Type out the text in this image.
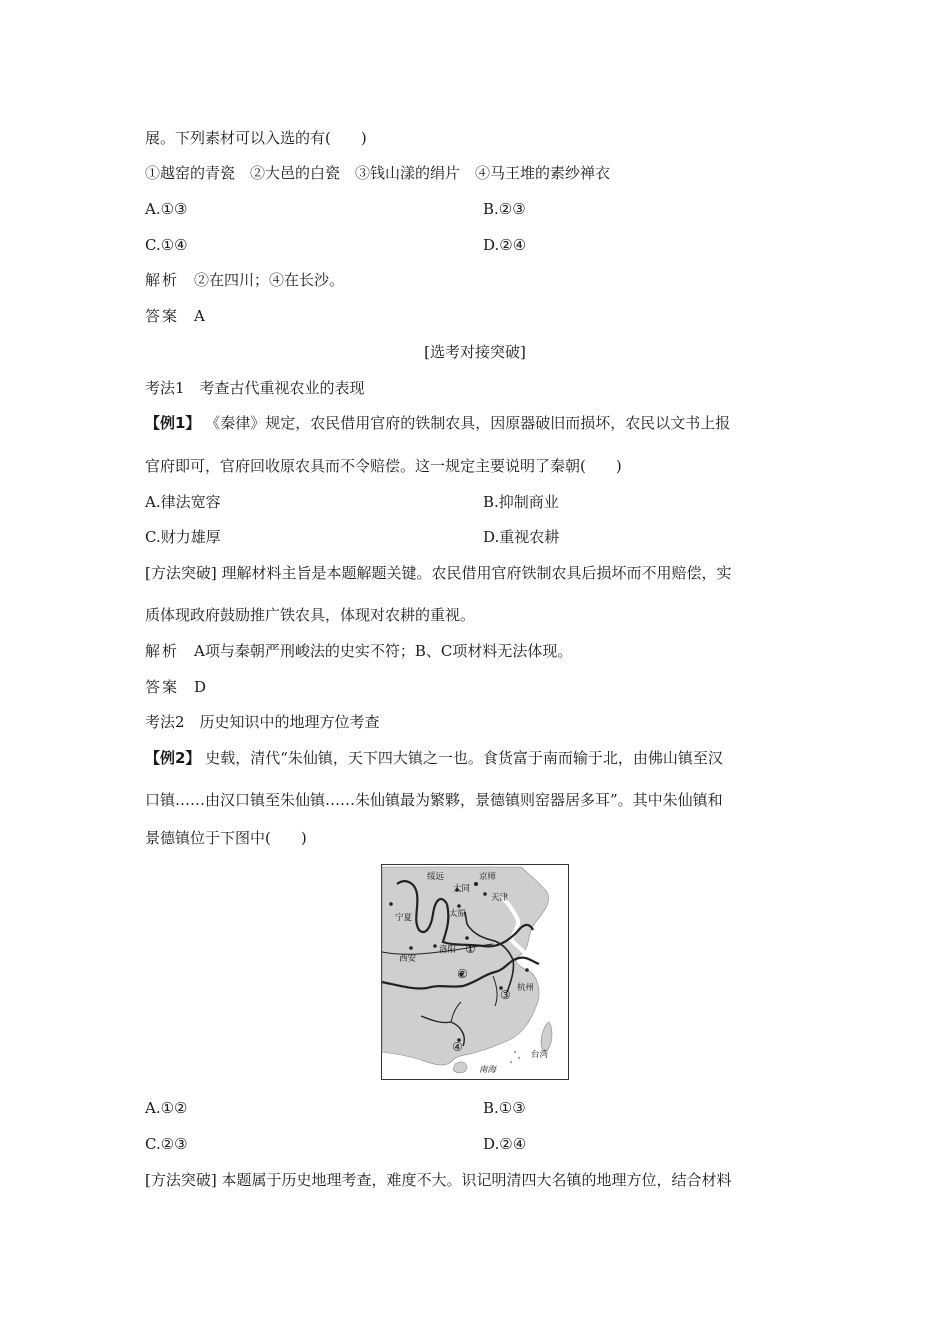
展。下列素材可以入选的有(　　)
①越窑的青瓷　②大邑的白瓷　③钱山漾的绢片　④马王堆的素纱禅衣
A.①③	B.②③
C.①④	D.②④
解析　 ②在四川；④在长沙。
答案　 A
[选考对接突破]
考法1　考查古代重视农业的表现
【例1】 《秦律》规定，农民借用官府的铁制农具，因原器破旧而损坏，农民以文书上报
官府即可，官府回收原农具而不令赔偿。这一规定主要说明了秦朝(　　)
A.律法宽容	B.抑制商业
C.财力雄厚	D.重视农耕
[方法突破] 理解材料主旨是本题解题关键。农民借用官府铁制农具后损坏而不用赔偿，实
质体现政府鼓励推广铁农具，体现对农耕的重视。
解析　 A项与秦朝严刑峻法的史实不符；B、C项材料无法体现。
答案　 D
考法2　历史知识中的地理方位考查
【例2】 史载，清代“朱仙镇，天下四大镇之一也。食货富于南而输于北，由佛山镇至汉
口镇……由汉口镇至朱仙镇……朱仙镇最为繁夥，景德镇则窑器居多耳”。其中朱仙镇和
景德镇位于下图中(　　)
绥远	京师
大同
天津
宁夏	太原
洛阳
西安
杭州
台湾
南海
①
②
③
④
A.①②	B.①③
C.②③	D.②④
[方法突破] 本题属于历史地理考查，难度不大。识记明清四大名镇的地理方位，结合材料
